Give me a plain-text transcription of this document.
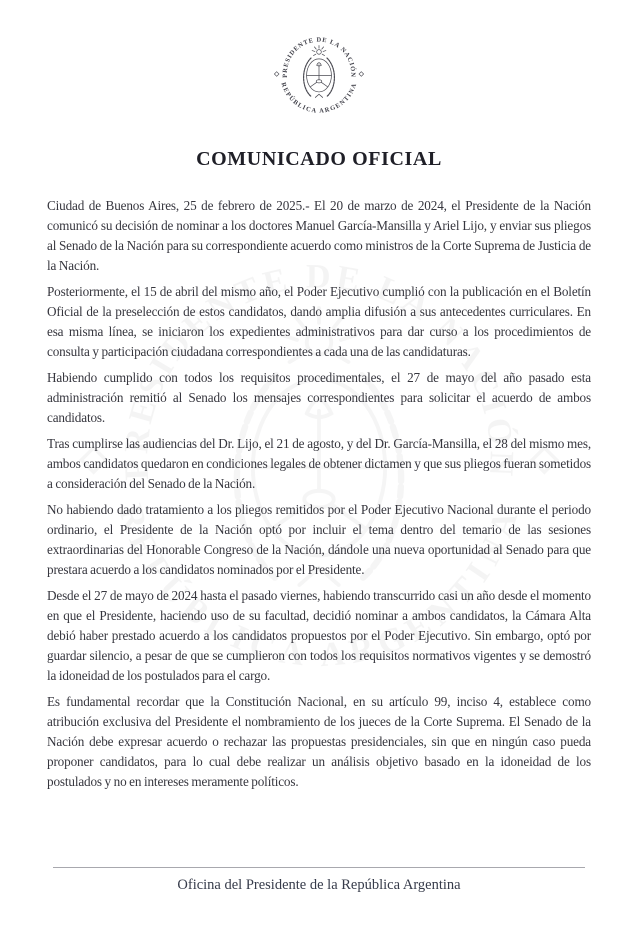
COMUNICADO OFICIAL

Ciudad de Buenos Aires, 25 de febrero de 2025.- El 20 de marzo de 2024, el Presidente de la Nación comunicó su decisión de nominar a los doctores Manuel García-Mansilla y Ariel Lijo, y enviar sus pliegos al Senado de la Nación para su correspondiente acuerdo como ministros de la Corte Suprema de Justicia de la Nación.

Posteriormente, el 15 de abril del mismo año, el Poder Ejecutivo cumplió con la publicación en el Boletín Oficial de la preselección de estos candidatos, dando amplia difusión a sus antecedentes curriculares. En esa misma línea, se iniciaron los expedientes administrativos para dar curso a los procedimientos de consulta y participación ciudadana correspondientes a cada una de las candidaturas.

Habiendo cumplido con todos los requisitos procedimentales, el 27 de mayo del año pasado esta administración remitió al Senado los mensajes correspondientes para solicitar el acuerdo de ambos candidatos.

Tras cumplirse las audiencias del Dr. Lijo, el 21 de agosto, y del Dr. García-Mansilla, el 28 del mismo mes, ambos candidatos quedaron en condiciones legales de obtener dictamen y que sus pliegos fueran sometidos a consideración del Senado de la Nación.

No habiendo dado tratamiento a los pliegos remitidos por el Poder Ejecutivo Nacional durante el periodo ordinario, el Presidente de la Nación optó por incluir el tema dentro del temario de las sesiones extraordinarias del Honorable Congreso de la Nación, dándole una nueva oportunidad al Senado para que prestara acuerdo a los candidatos nominados por el Presidente.

Desde el 27 de mayo de 2024 hasta el pasado viernes, habiendo transcurrido casi un año desde el momento en que el Presidente, haciendo uso de su facultad, decidió nominar a ambos candidatos, la Cámara Alta debió haber prestado acuerdo a los candidatos propuestos por el Poder Ejecutivo. Sin embargo, optó por guardar silencio, a pesar de que se cumplieron con todos los requisitos normativos vigentes y se demostró la idoneidad de los postulados para el cargo.

Es fundamental recordar que la Constitución Nacional, en su artículo 99, inciso 4, establece como atribución exclusiva del Presidente el nombramiento de los jueces de la Corte Suprema. El Senado de la Nación debe expresar acuerdo o rechazar las propuestas presidenciales, sin que en ningún caso pueda proponer candidatos, para lo cual debe realizar un análisis objetivo basado en la idoneidad de los postulados y no en intereses meramente políticos.

Oficina del Presidente de la República Argentina
